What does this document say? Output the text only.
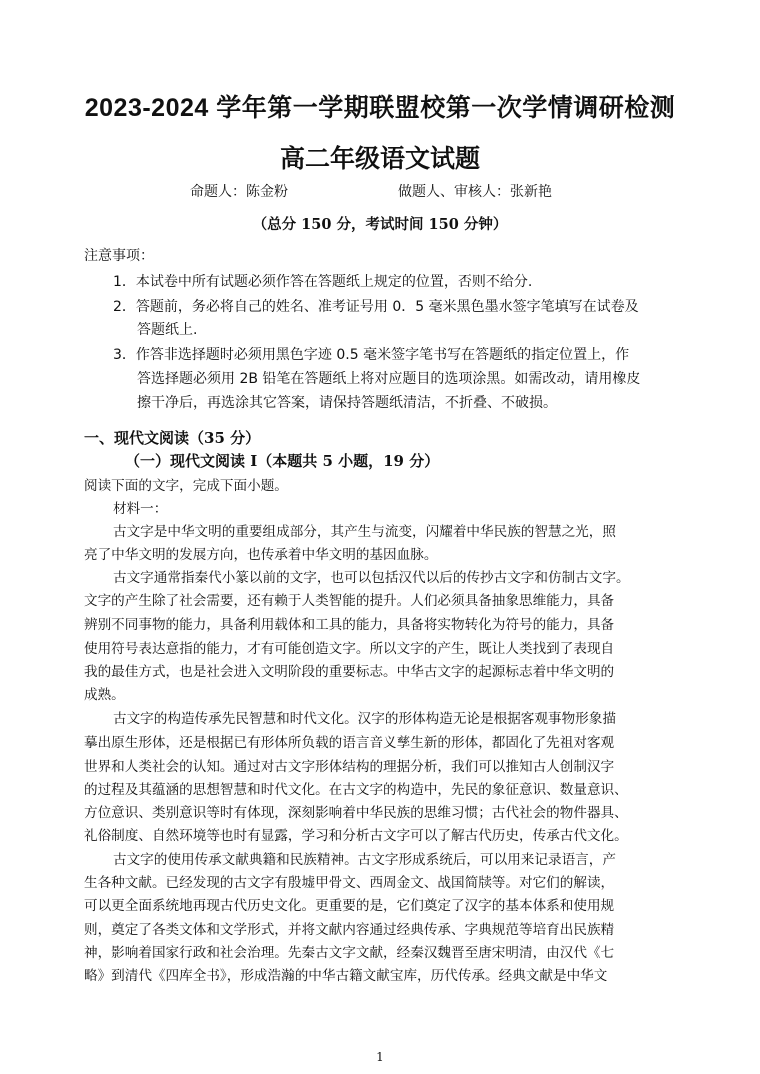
2023-2024 学年第一学期联盟校第一次学情调研检测
高二年级语文试题
命题人：陈金粉	做题人、审核人：张新艳
（总分 150 分，考试时间 150 分钟）
注意事项：
1．本试卷中所有试题必须作答在答题纸上规定的位置，否则不给分.
2．答题前，务必将自己的姓名、准考证号用 0．5 毫米黑色墨水签字笔填写在试卷及
答题纸上.
3．作答非选择题时必须用黑色字迹 0.5 毫米签字笔书写在答题纸的指定位置上，作
答选择题必须用 2B 铅笔在答题纸上将对应题目的选项涂黑。如需改动，请用橡皮
擦干净后，再选涂其它答案，请保持答题纸清洁，不折叠、不破损。
一、现代文阅读（35 分）
（一）现代文阅读 I（本题共 5 小题，19 分）
阅读下面的文字，完成下面小题。
材料一：
古文字是中华文明的重要组成部分，其产生与流变，闪耀着中华民族的智慧之光，照
亮了中华文明的发展方向，也传承着中华文明的基因血脉。
古文字通常指秦代小篆以前的文字，也可以包括汉代以后的传抄古文字和仿制古文字。
文字的产生除了社会需要，还有赖于人类智能的提升。人们必须具备抽象思维能力，具备
辨别不同事物的能力，具备利用载体和工具的能力，具备将实物转化为符号的能力，具备
使用符号表达意指的能力，才有可能创造文字。所以文字的产生，既让人类找到了表现自
我的最佳方式，也是社会进入文明阶段的重要标志。中华古文字的起源标志着中华文明的
成熟。
古文字的构造传承先民智慧和时代文化。汉字的形体构造无论是根据客观事物形象描
摹出原生形体，还是根据已有形体所负载的语言音义孳生新的形体，都固化了先祖对客观
世界和人类社会的认知。通过对古文字形体结构的理据分析，我们可以推知古人创制汉字
的过程及其蕴涵的思想智慧和时代文化。在古文字的构造中，先民的象征意识、数量意识、
方位意识、类别意识等时有体现，深刻影响着中华民族的思维习惯；古代社会的物件器具、
礼俗制度、自然环境等也时有显露，学习和分析古文字可以了解古代历史，传承古代文化。
古文字的使用传承文献典籍和民族精神。古文字形成系统后，可以用来记录语言，产
生各种文献。已经发现的古文字有殷墟甲骨文、西周金文、战国简牍等。对它们的解读，
可以更全面系统地再现古代历史文化。更重要的是，它们奠定了汉字的基本体系和使用规
则，奠定了各类文体和文学形式，并将文献内容通过经典传承、字典规范等培育出民族精
神，影响着国家行政和社会治理。先秦古文字文献，经秦汉魏晋至唐宋明清，由汉代《七
略》到清代《四库全书》，形成浩瀚的中华古籍文献宝库，历代传承。经典文献是中华文
1
